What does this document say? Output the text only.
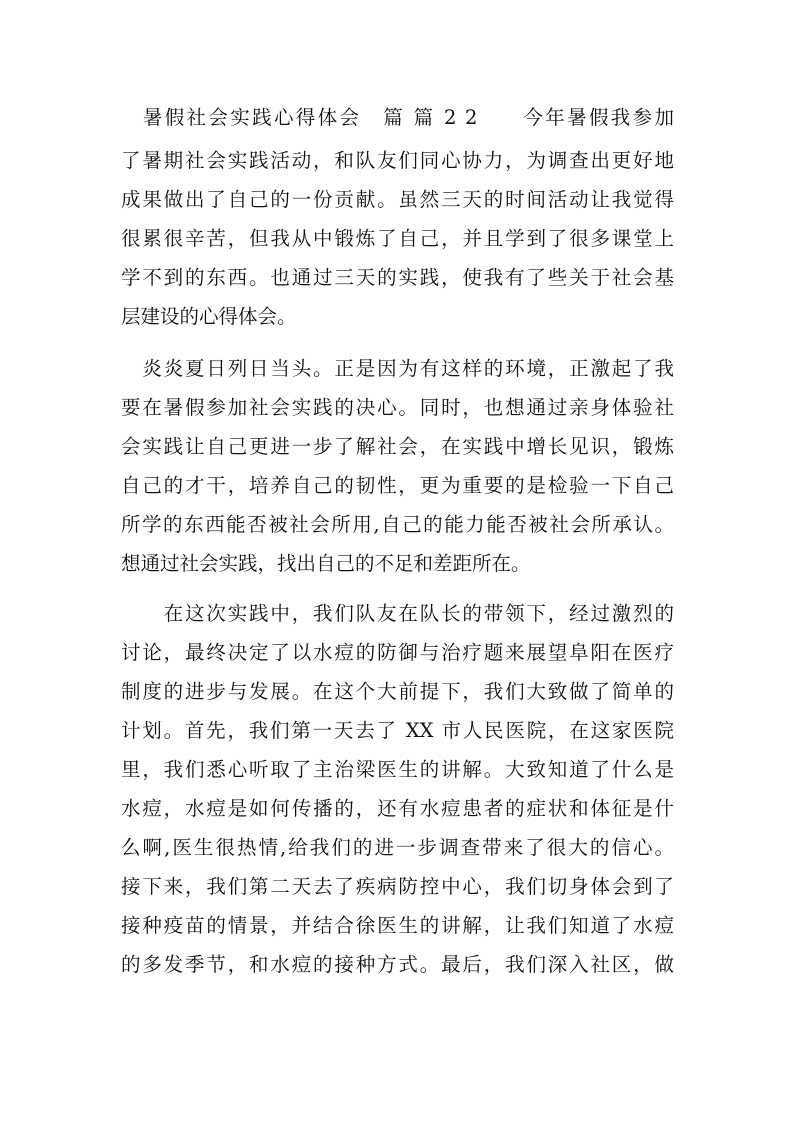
　暑假社会实践心得体会　篇 篇 2 2　　今年暑假我参加
了暑期社会实践活动，和队友们同心协力，为调查出更好地
成果做出了自己的一份贡献。虽然三天的时间活动让我觉得
很累很辛苦，但我从中锻炼了自己，并且学到了很多课堂上
学不到的东西。也通过三天的实践，使我有了些关于社会基
层建设的心得体会。
　炎炎夏日列日当头。正是因为有这样的环境，正激起了我
要在暑假参加社会实践的决心。同时，也想通过亲身体验社
会实践让自己更进一步了解社会，在实践中增长见识，锻炼
自己的才干，培养自己的韧性，更为重要的是检验一下自己
所学的东西能否被社会所用,自己的能力能否被社会所承认。
想通过社会实践，找出自己的不足和差距所在。
　　在这次实践中，我们队友在队长的带领下，经过激烈的
讨论，最终决定了以水痘的防御与治疗题来展望阜阳在医疗
制度的进步与发展。在这个大前提下，我们大致做了简单的
计划。首先，我们第一天去了 XX 市人民医院，在这家医院
里，我们悉心听取了主治梁医生的讲解。大致知道了什么是
水痘，水痘是如何传播的，还有水痘患者的症状和体征是什
么啊,医生很热情,给我们的进一步调查带来了很大的信心。
接下来，我们第二天去了疾病防控中心，我们切身体会到了
接种疫苗的情景，并结合徐医生的讲解，让我们知道了水痘
的多发季节，和水痘的接种方式。最后，我们深入社区，做
